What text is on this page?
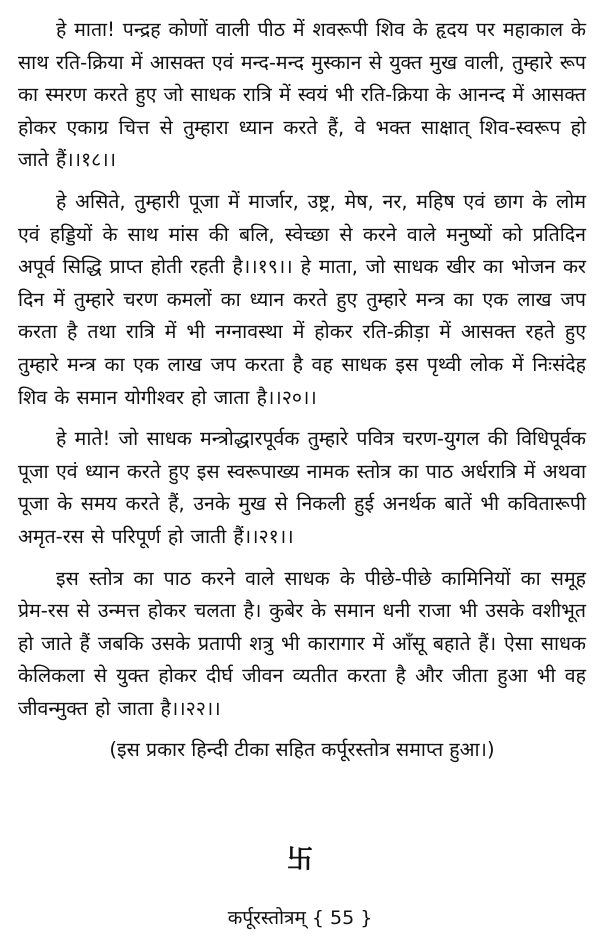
हे माता! पन्द्रह कोणों वाली पीठ में शवरूपी शिव के हृदय पर महाकाल के साथ रति-क्रिया में आसक्त एवं मन्द-मन्द मुस्कान से युक्त मुख वाली, तुम्हारे रूप का स्मरण करते हुए जो साधक रात्रि में स्वयं भी रति-क्रिया के आनन्द में आसक्त होकर एकाग्र चित्त से तुम्हारा ध्यान करते हैं, वे भक्त साक्षात् शिव-स्वरूप हो जाते हैं।।१८।।

हे असिते, तुम्हारी पूजा में मार्जार, उष्ट्र, मेष, नर, महिष एवं छाग के लोम एवं हड्डियों के साथ मांस की बलि, स्वेच्छा से करने वाले मनुष्यों को प्रतिदिन अपूर्व सिद्धि प्राप्त होती रहती है।।१९।। हे माता, जो साधक खीर का भोजन कर दिन में तुम्हारे चरण कमलों का ध्यान करते हुए तुम्हारे मन्त्र का एक लाख जप करता है तथा रात्रि में भी नग्नावस्था में होकर रति-क्रीड़ा में आसक्त रहते हुए तुम्हारे मन्त्र का एक लाख जप करता है वह साधक इस पृथ्वी लोक में निःसंदेह शिव के समान योगीश्वर हो जाता है।।२०।।

हे माते! जो साधक मन्त्रोद्धारपूर्वक तुम्हारे पवित्र चरण-युगल की विधिपूर्वक पूजा एवं ध्यान करते हुए इस स्वरूपाख्य नामक स्तोत्र का पाठ अर्धरात्रि में अथवा पूजा के समय करते हैं, उनके मुख से निकली हुई अनर्थक बातें भी कवितारूपी अमृत-रस से परिपूर्ण हो जाती हैं।।२१।।

इस स्तोत्र का पाठ करने वाले साधक के पीछे-पीछे कामिनियों का समूह प्रेम-रस से उन्मत्त होकर चलता है। कुबेर के समान धनी राजा भी उसके वशीभूत हो जाते हैं जबकि उसके प्रतापी शत्रु भी कारागार में आँसू बहाते हैं। ऐसा साधक केलिकला से युक्त होकर दीर्घ जीवन व्यतीत करता है और जीता हुआ भी वह जीवन्मुक्त हो जाता है।।२२।।

(इस प्रकार हिन्दी टीका सहित कर्पूरस्तोत्र समाप्त हुआ।)

卐
कर्पूरस्तोत्रम् { 55 }
